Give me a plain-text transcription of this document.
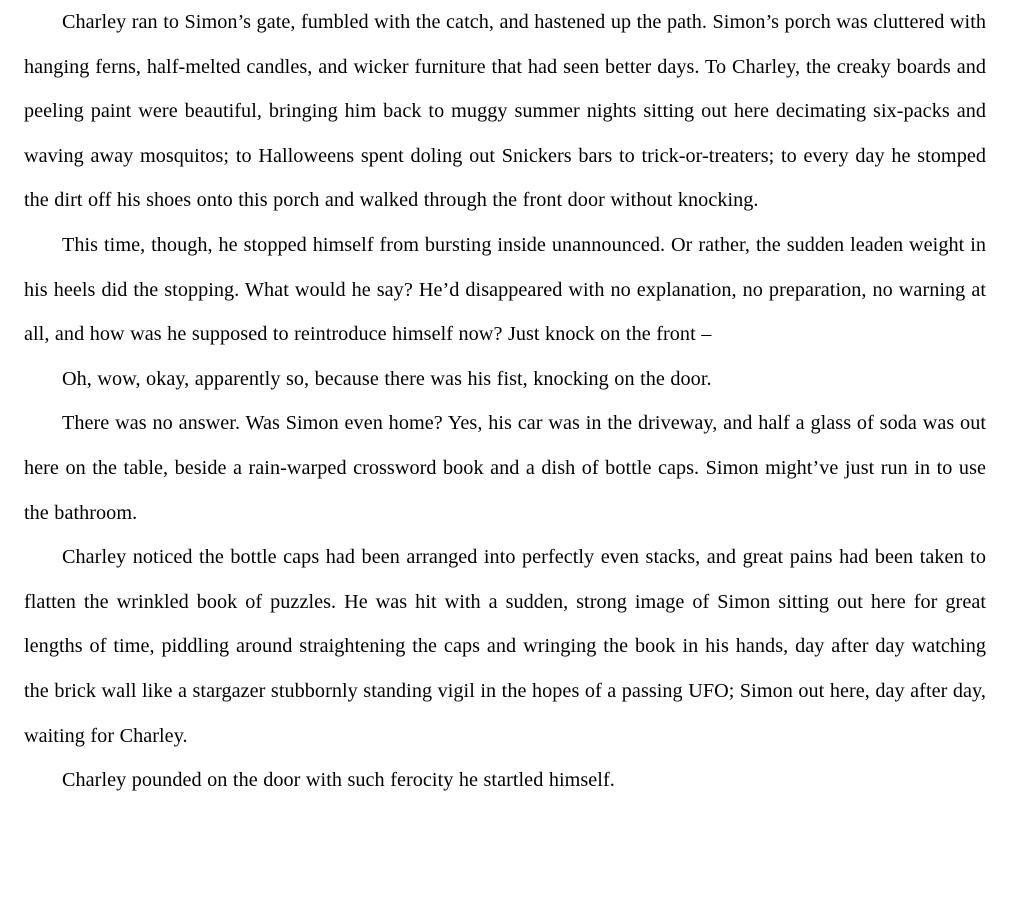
Charley ran to Simon’s gate, fumbled with the catch, and hastened up the path. Simon’s porch was cluttered with hanging ferns, half-melted candles, and wicker furniture that had seen better days. To Charley, the creaky boards and peeling paint were beautiful, bringing him back to muggy summer nights sitting out here decimating six-packs and waving away mosquitos; to Halloweens spent doling out Snickers bars to trick-or-treaters; to every day he stomped the dirt off his shoes onto this porch and walked through the front door without knocking.

This time, though, he stopped himself from bursting inside unannounced. Or rather, the sudden leaden weight in his heels did the stopping. What would he say? He’d disappeared with no explanation, no preparation, no warning at all, and how was he supposed to reintroduce himself now? Just knock on the front –

Oh, wow, okay, apparently so, because there was his fist, knocking on the door.

There was no answer. Was Simon even home? Yes, his car was in the driveway, and half a glass of soda was out here on the table, beside a rain-warped crossword book and a dish of bottle caps. Simon might’ve just run in to use the bathroom.

Charley noticed the bottle caps had been arranged into perfectly even stacks, and great pains had been taken to flatten the wrinkled book of puzzles. He was hit with a sudden, strong image of Simon sitting out here for great lengths of time, piddling around straightening the caps and wringing the book in his hands, day after day watching the brick wall like a stargazer stubbornly standing vigil in the hopes of a passing UFO; Simon out here, day after day, waiting for Charley.

Charley pounded on the door with such ferocity he startled himself.
